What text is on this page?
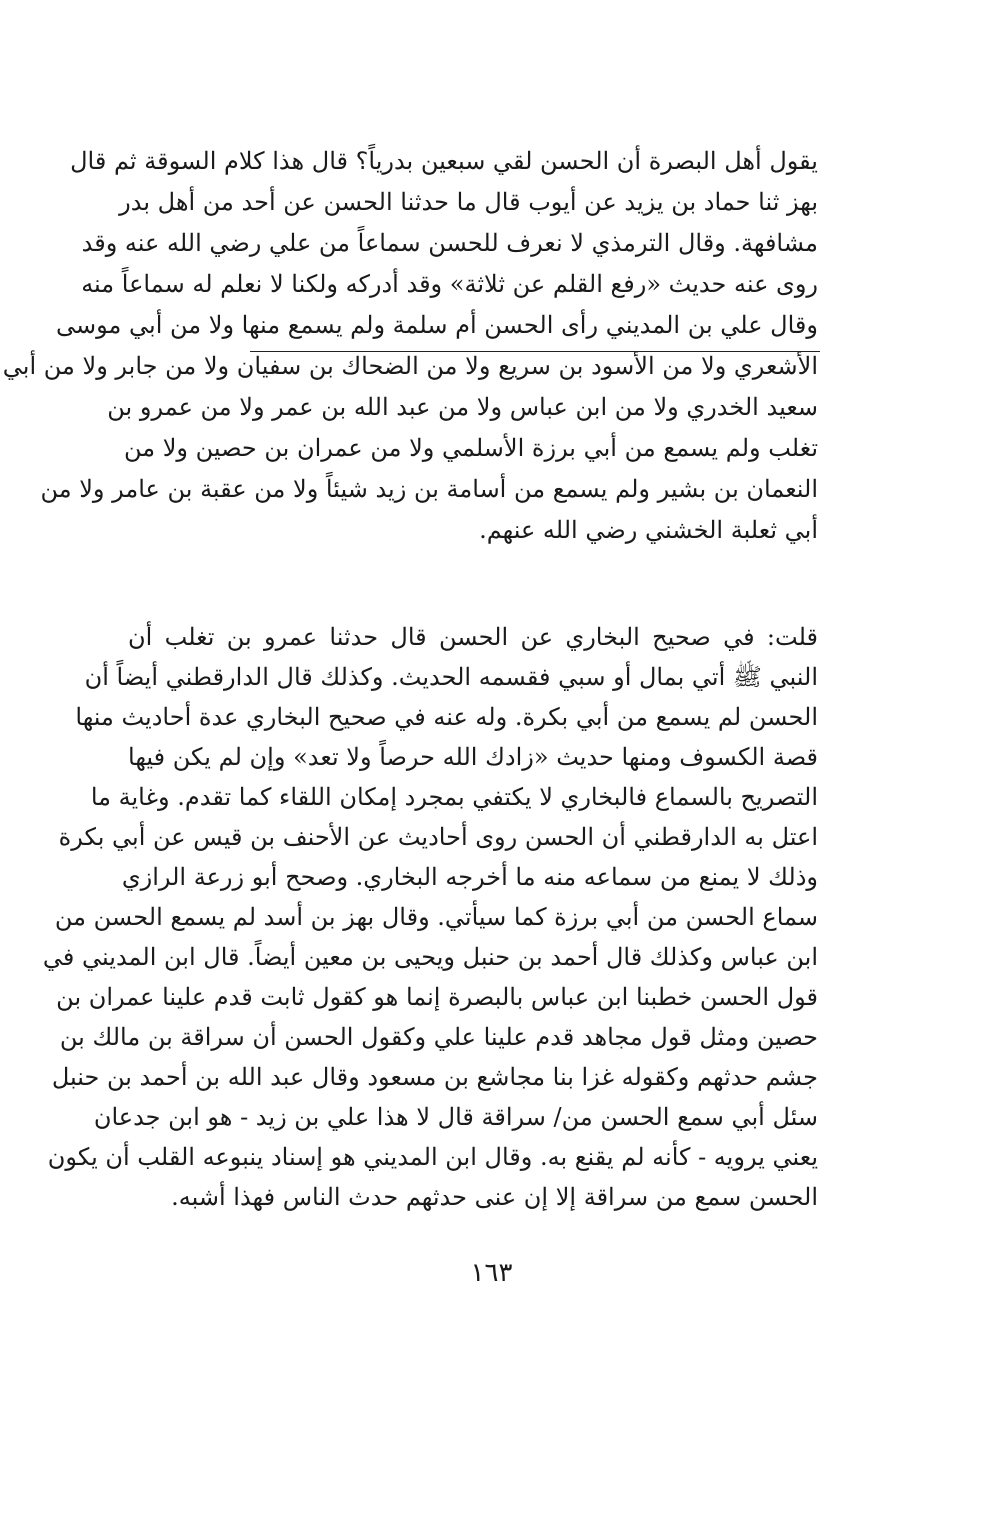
يقول أهل البصرة أن الحسن لقي سبعين بدرياً؟ قال هذا كلام السوقة ثم قال
بهز ثنا حماد بن يزيد عن أيوب قال ما حدثنا الحسن عن أحد من أهل بدر
مشافهة. وقال الترمذي لا نعرف للحسن سماعاً من علي رضي الله عنه وقد
روى عنه حديث «رفع القلم عن ثلاثة» وقد أدركه ولكنا لا نعلم له سماعاً منه
وقال علي بن المديني رأى الحسن أم سلمة ولم يسمع منها ولا من أبي موسى
الأشعري ولا من الأسود بن سريع ولا من الضحاك بن سفيان ولا من جابر ولا من أبي
سعيد الخدري ولا من ابن عباس ولا من عبد الله بن عمر ولا من عمرو بن
تغلب ولم يسمع من أبي برزة الأسلمي ولا من عمران بن حصين ولا من
النعمان بن بشير ولم يسمع من أسامة بن زيد شيئاً ولا من عقبة بن عامر ولا من
أبي ثعلبة الخشني رضي الله عنهم.
قلت: في صحيح البخاري عن الحسن قال حدثنا عمرو بن تغلب أن
النبي ﷺ أتي بمال أو سبي فقسمه الحديث. وكذلك قال الدارقطني أيضاً أن
الحسن لم يسمع من أبي بكرة. وله عنه في صحيح البخاري عدة أحاديث منها
قصة الكسوف ومنها حديث «زادك الله حرصاً ولا تعد» وإن لم يكن فيها
التصريح بالسماع فالبخاري لا يكتفي بمجرد إمكان اللقاء كما تقدم. وغاية ما
اعتل به الدارقطني أن الحسن روى أحاديث عن الأحنف بن قيس عن أبي بكرة
وذلك لا يمنع من سماعه منه ما أخرجه البخاري. وصحح أبو زرعة الرازي
سماع الحسن من أبي برزة كما سيأتي. وقال بهز بن أسد لم يسمع الحسن من
ابن عباس وكذلك قال أحمد بن حنبل ويحيى بن معين أيضاً. قال ابن المديني في
قول الحسن خطبنا ابن عباس بالبصرة إنما هو كقول ثابت قدم علينا عمران بن
حصين ومثل قول مجاهد قدم علينا علي وكقول الحسن أن سراقة بن مالك بن
جشم حدثهم وكقوله غزا بنا مجاشع بن مسعود وقال عبد الله بن أحمد بن حنبل
سئل أبي سمع الحسن من/ سراقة قال لا هذا علي بن زيد - هو ابن جدعان
يعني يرويه - كأنه لم يقنع به. وقال ابن المديني هو إسناد ينبوعه القلب أن يكون
الحسن سمع من سراقة إلا إن عنى حدثهم حدث الناس فهذا أشبه.
١٦٣
